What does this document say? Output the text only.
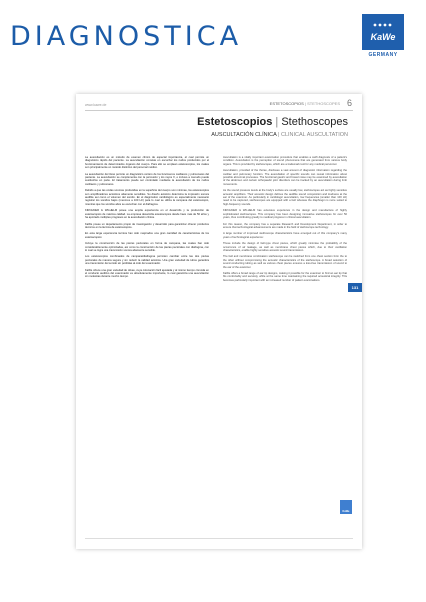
DIAGNOSTICA	KaWe
GERMANY
www.kawe.de	ESTETOSCOPIOS | STETHOSCOPES 6
Estetoscopios | Stethoscopes
AUSCULTACIÓN CLÍNICA | CLINICAL AUSCULTATION

La auscultación es un método de examen clínico de especial importancia, el cual permite un diagnóstico rápido del paciente. La auscultación consiste en escuchar los ruidos producidos por el funcionamiento de determinados órganos del cuerpo. Para ello se emplean estetoscopios, los cuales son principalmente un método distintivo del personal médico.

La auscultación del tórax permite un diagnóstico certero de los fenómenos cardiacos y pulmonares del paciente. La auscultación se complementa con la percusión y los rayos X, e incluso a menudo puede sustituirlos en parte. El tratamiento puede ser controlado mediante la auscultación de los ruidos cardiacos y pulmonares.

Debido a que las ondas sonoras producidas en la superficie del cuerpo son mínimas, los estetoscopios son amplificadores acústicos altamente sensibles. Su diseño acústico determina la impresión sonora audible así como el volumen del sonido. En el diagnóstico cardiológico es especialmente necesario registrar los sonidos bajos (menores a 100 Hz) para lo cual se utiliza la campana del estetoscopio, mientras que los sonidos altos se escuchan con el diafragma.

KIRCHNER & WILHELM posee una amplia experiencia en el desarrollo y la producción de estetoscopios de máxima calidad. La empresa desarrolla estetoscopios desde hace más de 50 años y ha aportado múltiples progresos en la auscultación clínica.

KaWe posee un departamento propio de investigación y desarrollo para garantizar ofrecer productos técnicos en la técnica de estetoscopios.

En esta larga experiencia técnica han sido mejorados una gran cantidad de características de los estetoscopios:

Incluye la construcción de las piezas pectorales en forma de campana, las cuales han sido considerablemente optimizadas, así como la construcción de las piezas pectorales con diafragma, con lo cual se logra una transmisión sonora altamente sensible.

Los estetoscopios combinados de campana/diafragma permiten cambiar entre las dos piezas pectorales de manera segura y sin reducir la calidad acústica. Una gran variedad de tubos garantiza una transmisión del sonido sin pérdidas al oído del examinador.

KaWe ofrece una gran variedad de olivas, cuya colocación fácil ajustada y al mismo tiempo cómoda en el conducto auditivo del examinador es absolutamente importante, lo cual garantiza una auscultación sin molestias durante mucho tiempo.

Auscultation is a vitally important examination procedure that enables a swift diagnosis of a patient's condition. Auscultation is the perception of sound phenomena that are generated from various body organs. This is provided by stethoscopes, which are a trademark tool for any medical personnel.

Auscultation, provided of the thorax, discloses a vast amount of diagnostic information regarding the cardiac and pulmonary function. The auscultation of specific sounds can reveal information about possible abnormal processes. The functional gastric and bowel noise may be examined by auscultation of the abdomen and certain orthopaedic joint disorders can be tracked by an auscultation during limb movements.

As the sound pressure levels at the body's surface are usually low, stethoscopes act as highly sensitive acoustic amplifiers. Their acoustic design defines the audible sound composition and loudness at the ear of the examiner. As particularly in cardiologic auscultation, low frequencies (smaller than 100 Hz) need to be captured, stethoscopes are equipped with a bell whereas the diaphragm is more suited to high-frequency sounds.

KIRCHNER & WILHELM has extensive experience in the design and manufacture of highly sophisticated stethoscopes. This company has been designing innovative stethoscopes for over 50 years, thus contributing greatly to medical progress in clinical auscultation.

For this reason, the company has a separate Research and Development Department, in order to ensure that technological advancements are made in the field of stethoscope technology.

A large number of improved stethoscope characteristics have emerged out of this company's many years of technological experience:

These include the design of bell-type chest pieces, which greatly minimise the probability of the occurrence of air leakage, as well as membrane chest pieces which, due to their oscillation characteristics, enable highly sensitive acoustic sound transmission.

The bell and membrane combination stethoscope can be switched from one chest section form the to the other without compromising the acoustic characteristics of the stethoscope. A broad selection of sound conducting tubing as well as various chest pieces ensures a loss-free transmission of sound to the ear of the examiner.

KaWe offers a broad range of ear tip designs, making it possible for the examiner to find an ear tip that fits comfortably and securely, while at the same time maintaining the required acoustical integrity. This becomes particularly important with an increased number of patient examinations.

131
KaWe
